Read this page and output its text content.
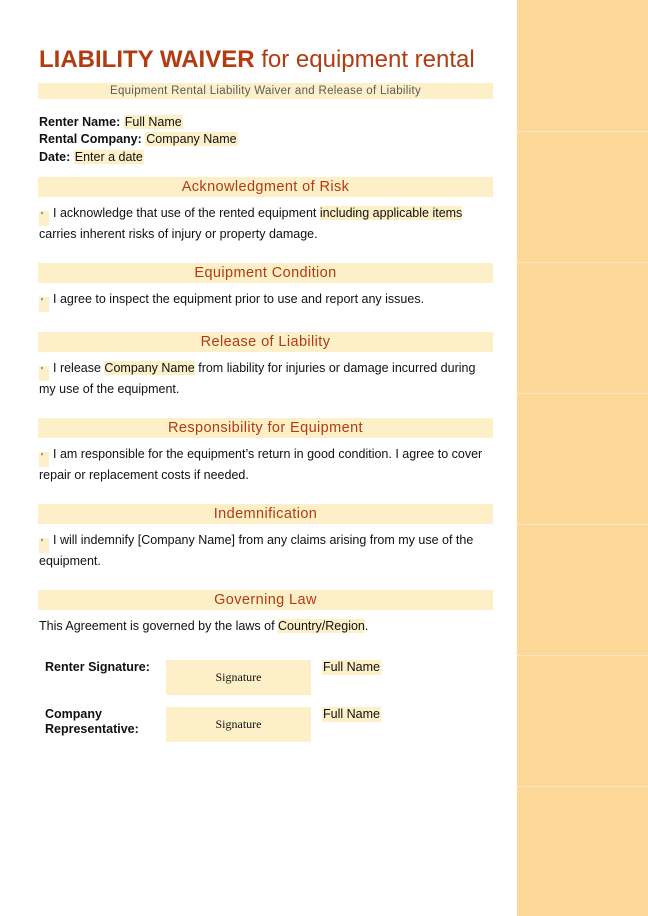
LIABILITY WAIVER for equipment rental
Equipment Rental Liability Waiver and Release of Liability
Renter Name: Full Name
Rental Company: Company Name
Date: Enter a date
Acknowledgment of Risk
' I acknowledge that use of the rented equipment including applicable items carries inherent risks of injury or property damage.
Equipment Condition
' I agree to inspect the equipment prior to use and report any issues.
Release of Liability
' I release Company Name from liability for injuries or damage incurred during my use of the equipment.
Responsibility for Equipment
' I am responsible for the equipment’s return in good condition. I agree to cover repair or replacement costs if needed.
Indemnification
' I will indemnify [Company Name] from any claims arising from my use of the equipment.
Governing Law
This Agreement is governed by the laws of Country/Region.
Renter Signature:
Signature
Full Name
Company Representative:	Signature
Full Name
